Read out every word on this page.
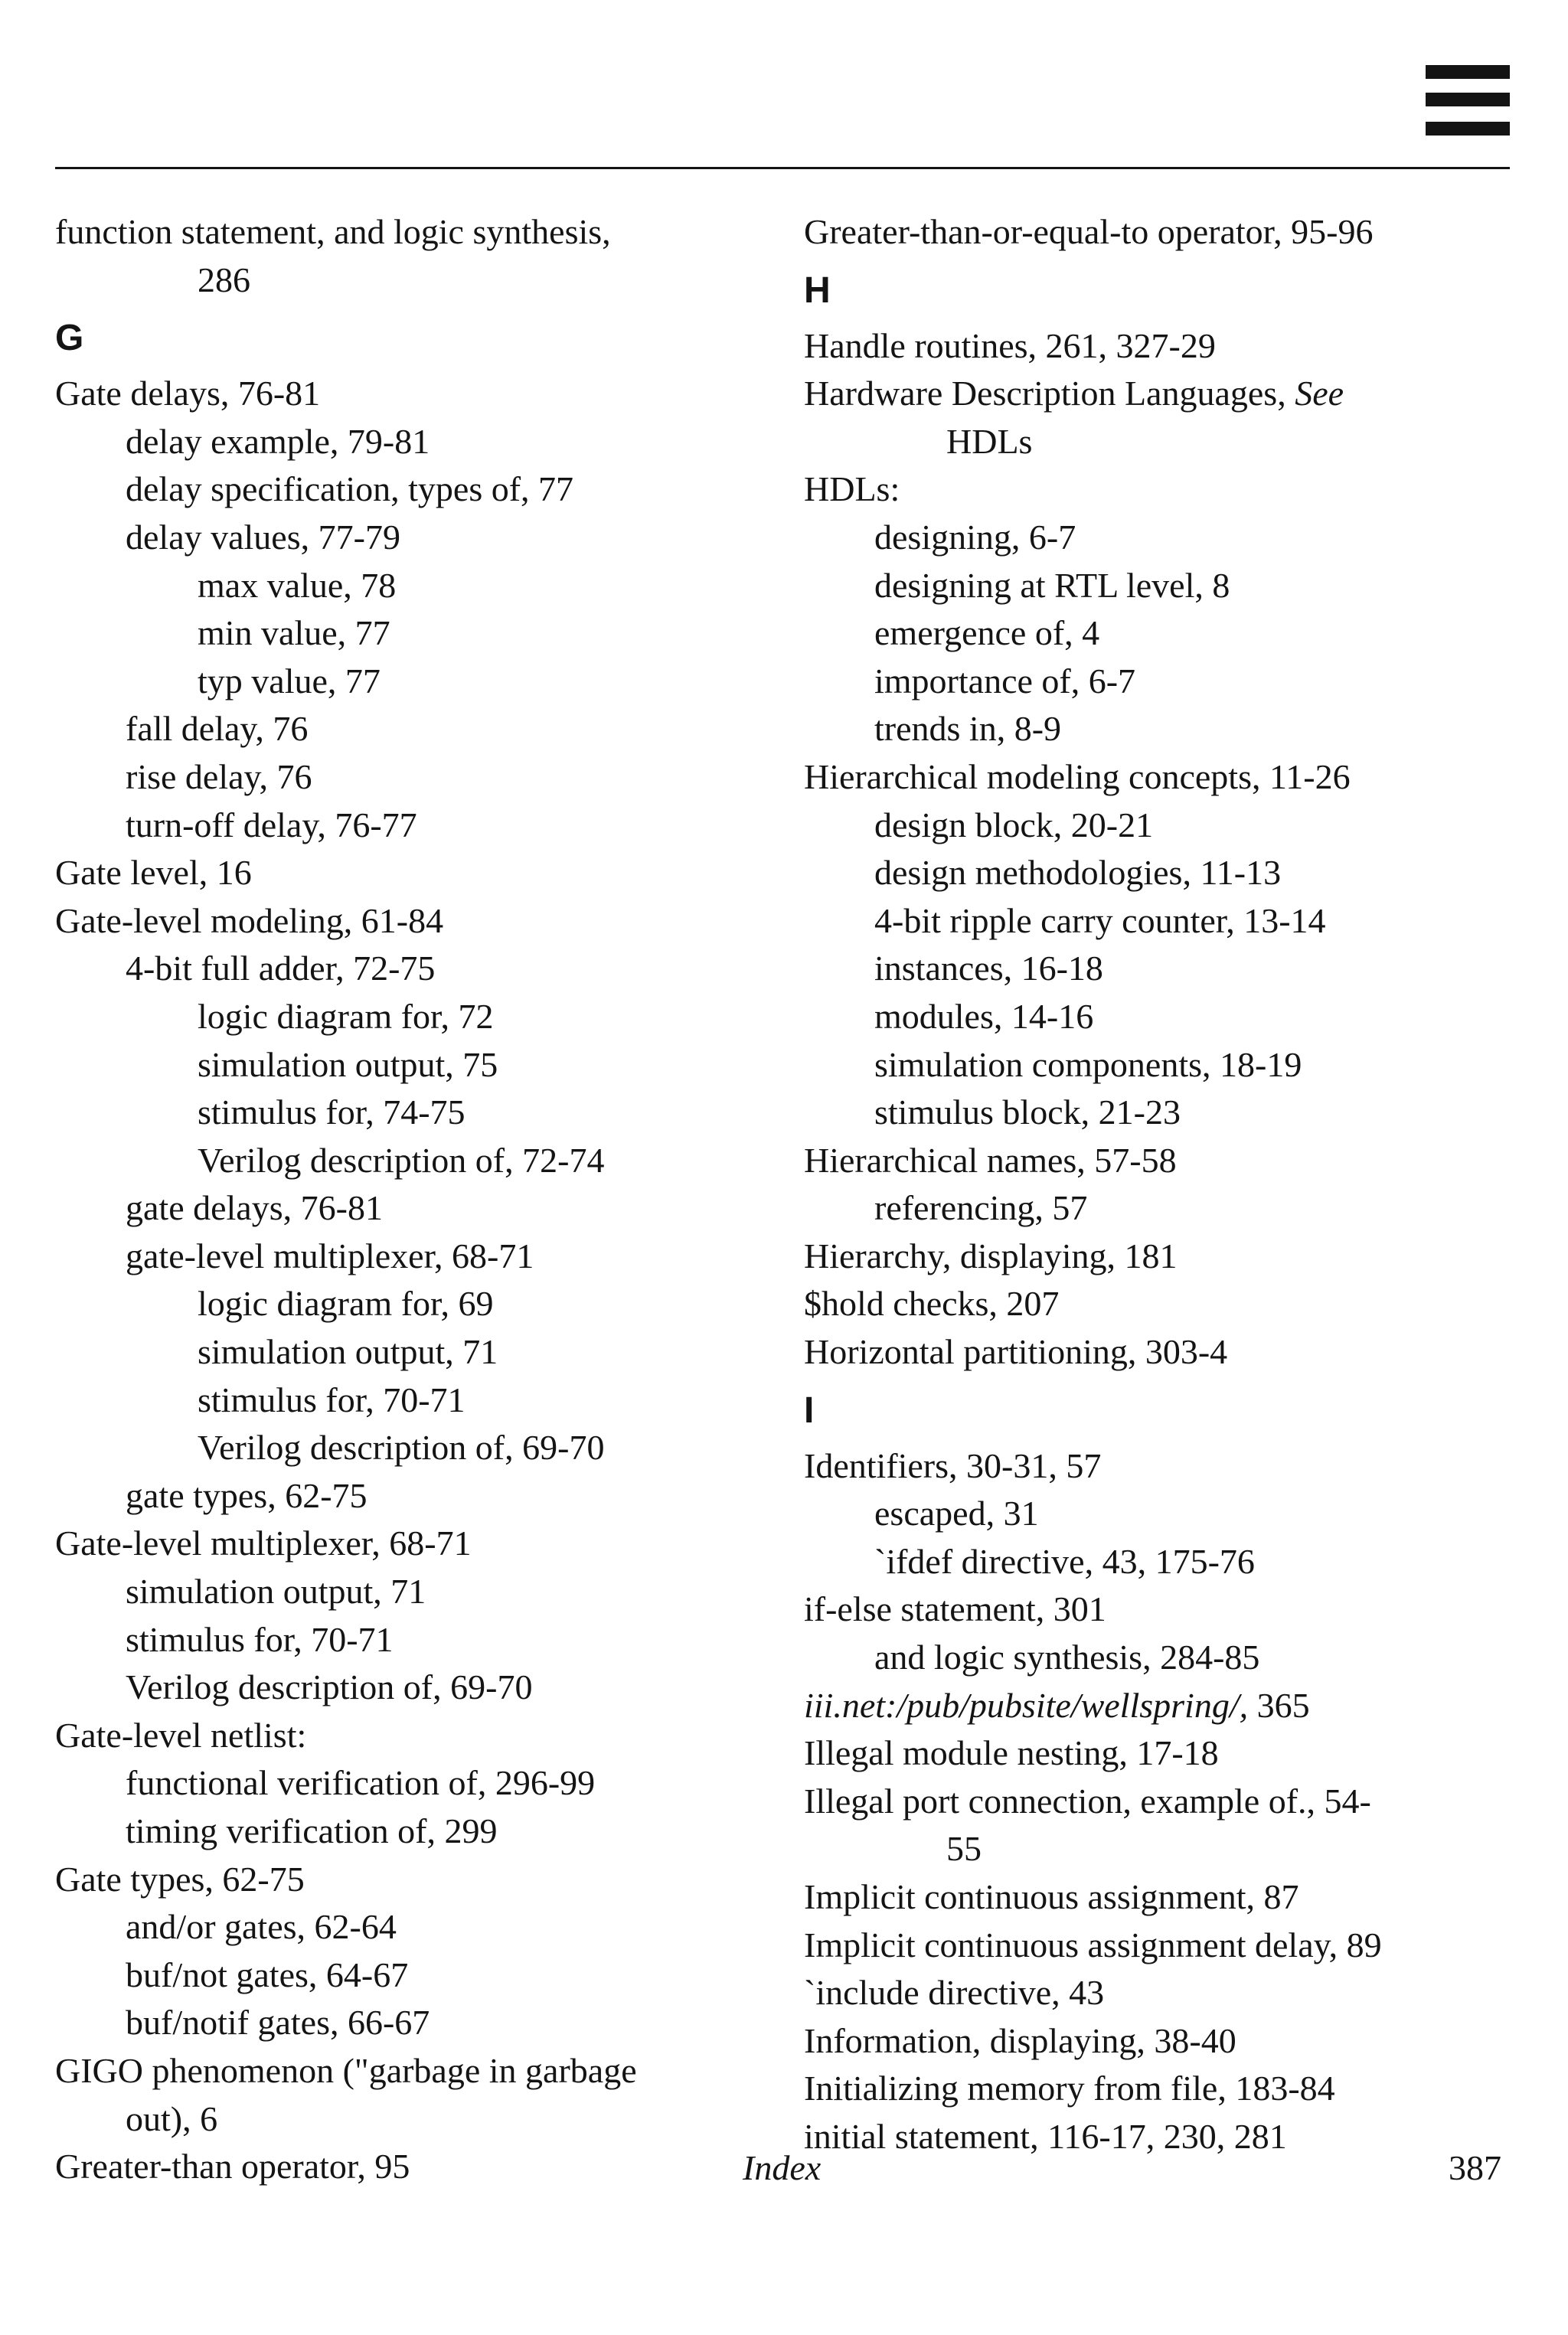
function statement, and logic synthesis,
286
G
Gate delays, 76-81
delay example, 79-81
delay specification, types of, 77
delay values, 77-79
max value, 78
min value, 77
typ value, 77
fall delay, 76
rise delay, 76
turn-off delay, 76-77
Gate level, 16
Gate-level modeling, 61-84
4-bit full adder, 72-75
logic diagram for, 72
simulation output, 75
stimulus for, 74-75
Verilog description of, 72-74
gate delays, 76-81
gate-level multiplexer, 68-71
logic diagram for, 69
simulation output, 71
stimulus for, 70-71
Verilog description of, 69-70
gate types, 62-75
Gate-level multiplexer, 68-71
simulation output, 71
stimulus for, 70-71
Verilog description of, 69-70
Gate-level netlist:
functional verification of, 296-99
timing verification of, 299
Gate types, 62-75
and/or gates, 62-64
buf/not gates, 64-67
buf/notif gates, 66-67
GIGO phenomenon ("garbage in garbage
out), 6
Greater-than operator, 95
Greater-than-or-equal-to operator, 95-96
H
Handle routines, 261, 327-29
Hardware Description Languages, See
HDLs
HDLs:
designing, 6-7
designing at RTL level, 8
emergence of, 4
importance of, 6-7
trends in, 8-9
Hierarchical modeling concepts, 11-26
design block, 20-21
design methodologies, 11-13
4-bit ripple carry counter, 13-14
instances, 16-18
modules, 14-16
simulation components, 18-19
stimulus block, 21-23
Hierarchical names, 57-58
referencing, 57
Hierarchy, displaying, 181
$hold checks, 207
Horizontal partitioning, 303-4
I
Identifiers, 30-31, 57
escaped, 31
`ifdef directive, 43, 175-76
if-else statement, 301
and logic synthesis, 284-85
iii.net:/pub/pubsite/wellspring/, 365
Illegal module nesting, 17-18
Illegal port connection, example of., 54-
55
Implicit continuous assignment, 87
Implicit continuous assignment delay, 89
`include directive, 43
Information, displaying, 38-40
Initializing memory from file, 183-84
initial statement, 116-17, 230, 281
Index	387
